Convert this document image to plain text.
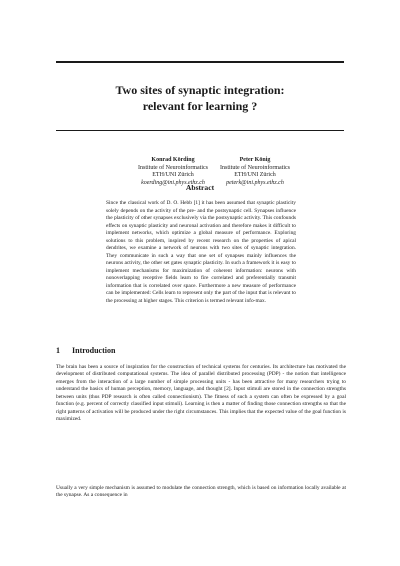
Two sites of synaptic integration:
relevant for learning ?
Konrad Körding
Institute of Neuroinformatics
ETH/UNI Zürich
koerding@ini.phys.ethz.ch
Peter König
Institute of Neuroinformatics
ETH/UNI Zürich
peterk@ini.phys.ethz.ch
Abstract

Since the classical work of D. O. Hebb [1] it has been assumed that synaptic plasticity solely depends on the activity of the pre- and the postsynaptic cell. Synapses influence the plasticity of other synapses exclusively via the postsynaptic activity. This confounds effects on synaptic plasticity and neuronal activation and therefore makes it difficult to implement networks, which optimize a global measure of performance. Exploring solutions to this problem, inspired by recent research on the properties of apical dendrites, we examine a network of neurons with two sites of synaptic integration. They communicate in such a way that one set of synapses mainly influences the neurons activity, the other set gates synaptic plasticity. In such a framework it is easy to implement mechanisms for maximization of coherent information: neurons with nonoverlapping receptive fields learn to fire correlated and preferentially transmit information that is correlated over space. Furthermore a new measure of performance can be implemented: Cells learn to represent only the part of the input that is relevant to the processing at higher stages. This criterion is termed relevant info-max.

1 Introduction

The brain has been a source of inspiration for the construction of technical systems for centuries. Its architecture has motivated the development of distributed computational systems. The idea of parallel distributed processing (PDP) - the notion that intelligence emerges from the interaction of a large number of simple processing units - has been attractive for many researchers trying to understand the basics of human perception, memory, language, and thought [2]. Input stimuli are stored in the connection strengths between units (thus PDP research is often called connectionism). The fitness of such a system can often be expressed by a goal function (e.g. percent of correctly classified input stimuli). Learning is then a matter of finding those connection strengths so that the right patterns of activation will be produced under the right circumstances. This implies that the expected value of the goal function is maximized.

Usually a very simple mechanism is assumed to modulate the connection strength, which is based on information locally available at the synapse. As a consequence in
